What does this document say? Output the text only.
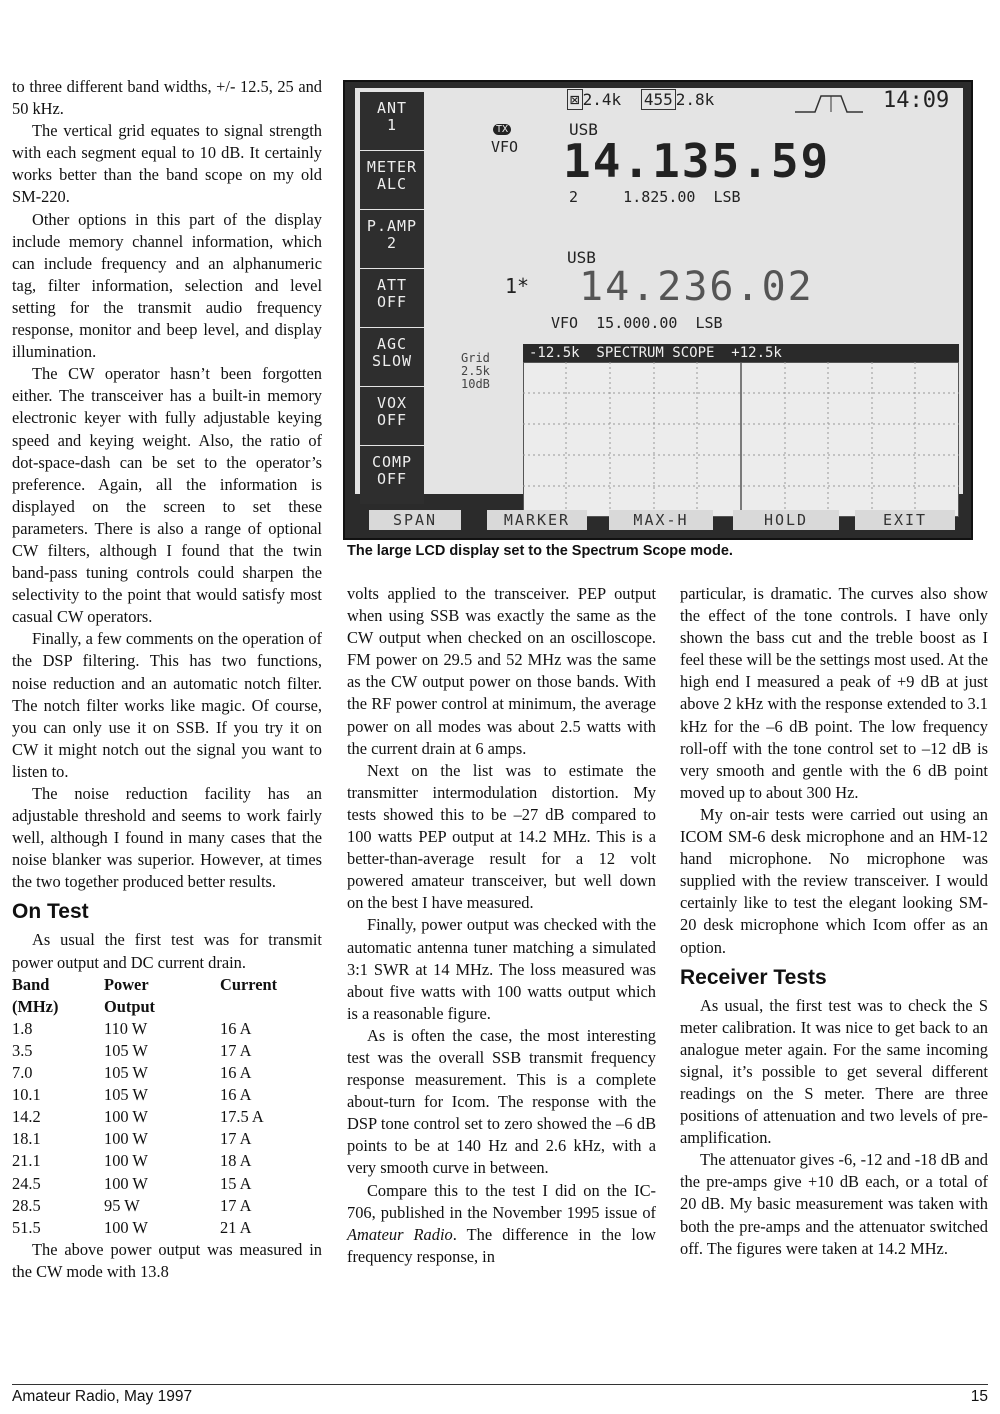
to three different band widths, +/- 12.5, 25 and 50 kHz.

The vertical grid equates to signal strength with each segment equal to 10 dB. It certainly works better than the band scope on my old SM-220.

Other options in this part of the display include memory channel information, which can include frequency and an alphanumeric tag, filter information, selection and level setting for the transmit audio frequency response, monitor and beep level, and display illumination.

The CW operator hasn’t been forgotten either. The transceiver has a built-in memory electronic keyer with fully adjustable keying speed and keying weight. Also, the ratio of dot-space-dash can be set to the operator’s preference. Again, all the information is displayed on the screen to set these parameters. There is also a range of optional CW filters, although I found that the twin band-pass tuning controls could sharpen the selectivity to the point that would satisfy most casual CW operators.

Finally, a few comments on the operation of the DSP filtering. This has two functions, noise reduction and an automatic notch filter. The notch filter works like magic. Of course, you can only use it on SSB. If you try it on CW it might notch out the signal you want to listen to.

The noise reduction facility has an adjustable threshold and seems to work fairly well, although I found in many cases that the noise blanker was superior. However, at times the two together produced better results.

On Test

As usual the first test was for transmit power output and DC current drain.

Band	Power	Current
(MHz)	Output	
1.8	110 W	16 A
3.5	105 W	17 A
7.0	105 W	16 A
10.1	105 W	16 A
14.2	100 W	17.5 A
18.1	100 W	17 A
21.1	100 W	18 A
24.5	100 W	15 A
28.5	95 W	17 A
51.5	100 W	21 A

The above power output was measured in the CW mode with 13.8

ANT
1
METER
ALC
P.AMP
2
ATT
OFF
AGC
SLOW
VOX
OFF
COMP
OFF
⊠ 2.4k 455 2.8k	14:09
TX
VFO
USB
14.135.59
2     1.825.00  LSB
USB
1* 14.236.02
VFO  15.000.00  LSB
Grid
2.5k
10dB
-12.5k  SPECTRUM SCOPE  +12.5k
SPAN	MARKER	MAX-H	HOLD	EXIT
The large LCD display set to the Spectrum Scope mode.

volts applied to the transceiver. PEP output when using SSB was exactly the same as the CW output when checked on an oscilloscope. FM power on 29.5 and 52 MHz was the same as the CW output power on those bands. With the RF power control at minimum, the average power on all modes was about 2.5 watts with the current drain at 6 amps.

Next on the list was to estimate the transmitter intermodulation distortion. My tests showed this to be –27 dB compared to 100 watts PEP output at 14.2 MHz. This is a better-than-average result for a 12 volt powered amateur transceiver, but well down on the best I have measured.

Finally, power output was checked with the automatic antenna tuner matching a simulated 3:1 SWR at 14 MHz. The loss measured was about five watts with 100 watts output which is a reasonable figure.

As is often the case, the most interesting test was the overall SSB transmit frequency response measurement. This is a complete about-turn for Icom. The response with the DSP tone control set to zero showed the –6 dB points to be at 140 Hz and 2.6 kHz, with a very smooth curve in between.

Compare this to the test I did on the IC-706, published in the November 1995 issue of Amateur Radio. The difference in the low frequency response, in

particular, is dramatic. The curves also show the effect of the tone controls. I have only shown the bass cut and the treble boost as I feel these will be the settings most used. At the high end I measured a peak of +9 dB at just above 2 kHz with the response extended to 3.1 kHz for the –6 dB point. The low frequency roll-off with the tone control set to –12 dB is very smooth and gentle with the 6 dB point moved up to about 300 Hz.

My on-air tests were carried out using an ICOM SM-6 desk microphone and an HM-12 hand microphone. No microphone was supplied with the review transceiver. I would certainly like to test the elegant looking SM-20 desk microphone which Icom offer as an option.

Receiver Tests

As usual, the first test was to check the S meter calibration. It was nice to get back to an analogue meter again. For the same incoming signal, it’s possible to get several different readings on the S meter. There are three positions of attenuation and two levels of pre-amplification.

The attenuator gives -6, -12 and -18 dB and the pre-amps give +10 dB each, or a total of 20 dB. My basic measurement was taken with both the pre-amps and the attenuator switched off. The figures were taken at 14.2 MHz.

Amateur Radio, May 1997	15
